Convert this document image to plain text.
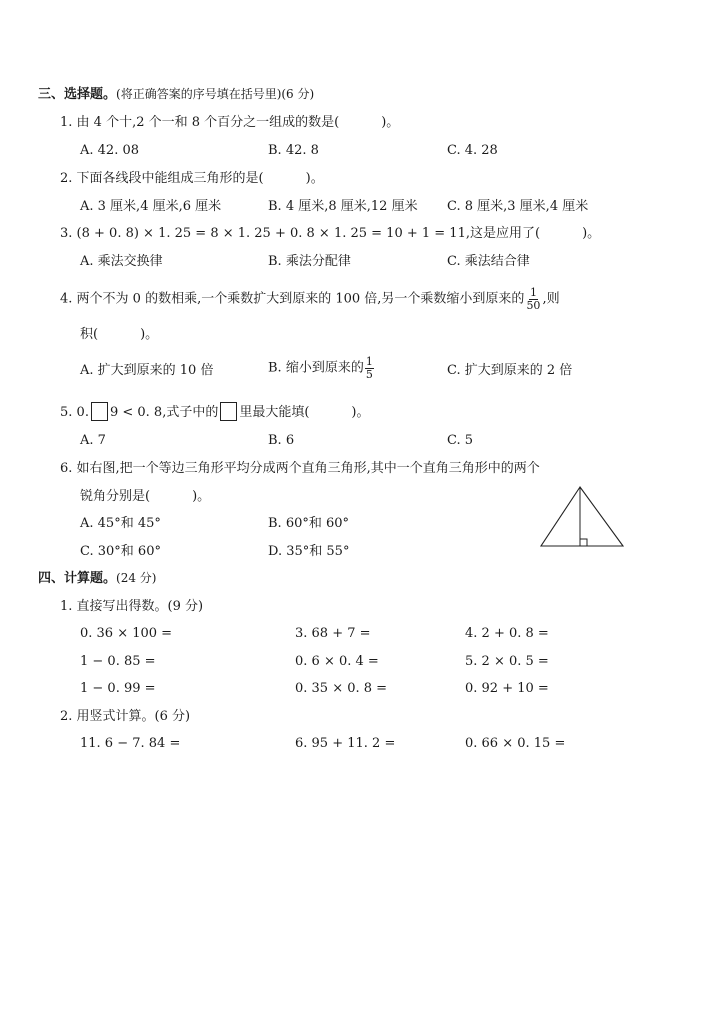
三、选择题。(将正确答案的序号填在括号里)(6 分)
1. 由 4 个十,2 个一和 8 个百分之一组成的数是(	)。
A. 42. 08	B. 42. 8	C. 4. 28
2. 下面各线段中能组成三角形的是(	)。
A. 3 厘米,4 厘米,6 厘米	B. 4 厘米,8 厘米,12 厘米 C. 8 厘米,3 厘米,4 厘米
3. (8 + 0. 8) × 1. 25 = 8 × 1. 25 + 0. 8 × 1. 25 = 10 + 1 = 11,这是应用了(	)。
A. 乘法交换律	B. 乘法分配律	C. 乘法结合律
4. 两个不为 0 的数相乘,一个乘数扩大到原来的 100 倍,另一个乘数缩小到原来的 $\frac{1}{50}$ ,则
积(	)。
A. 扩大到原来的 10 倍	B. 缩小到原来的 $\frac{1}{5}$	C. 扩大到原来的 2 倍
5. 0. 9 < 0. 8,式子中的 里最大能填(	)。
A. 7	B. 6	C. 5
6. 如右图,把一个等边三角形平均分成两个直角三角形,其中一个直角三角形中的两个
锐角分别是(	)。
A. 45°和 45°	B. 60°和 60°
C. 30°和 60°	D. 35°和 55°
四、计算题。(24 分)
1. 直接写出得数。(9 分)
0. 36 × 100 =	3. 68 + 7 =	4. 2 + 0. 8 =
1 − 0. 85 =	0. 6 × 0. 4 =	5. 2 × 0. 5 =
1 − 0. 99 =	0. 35 × 0. 8 =	0. 92 + 10 =
2. 用竖式计算。(6 分)
11. 6 − 7. 84 =	6. 95 + 11. 2 =	0. 66 × 0. 15 =
